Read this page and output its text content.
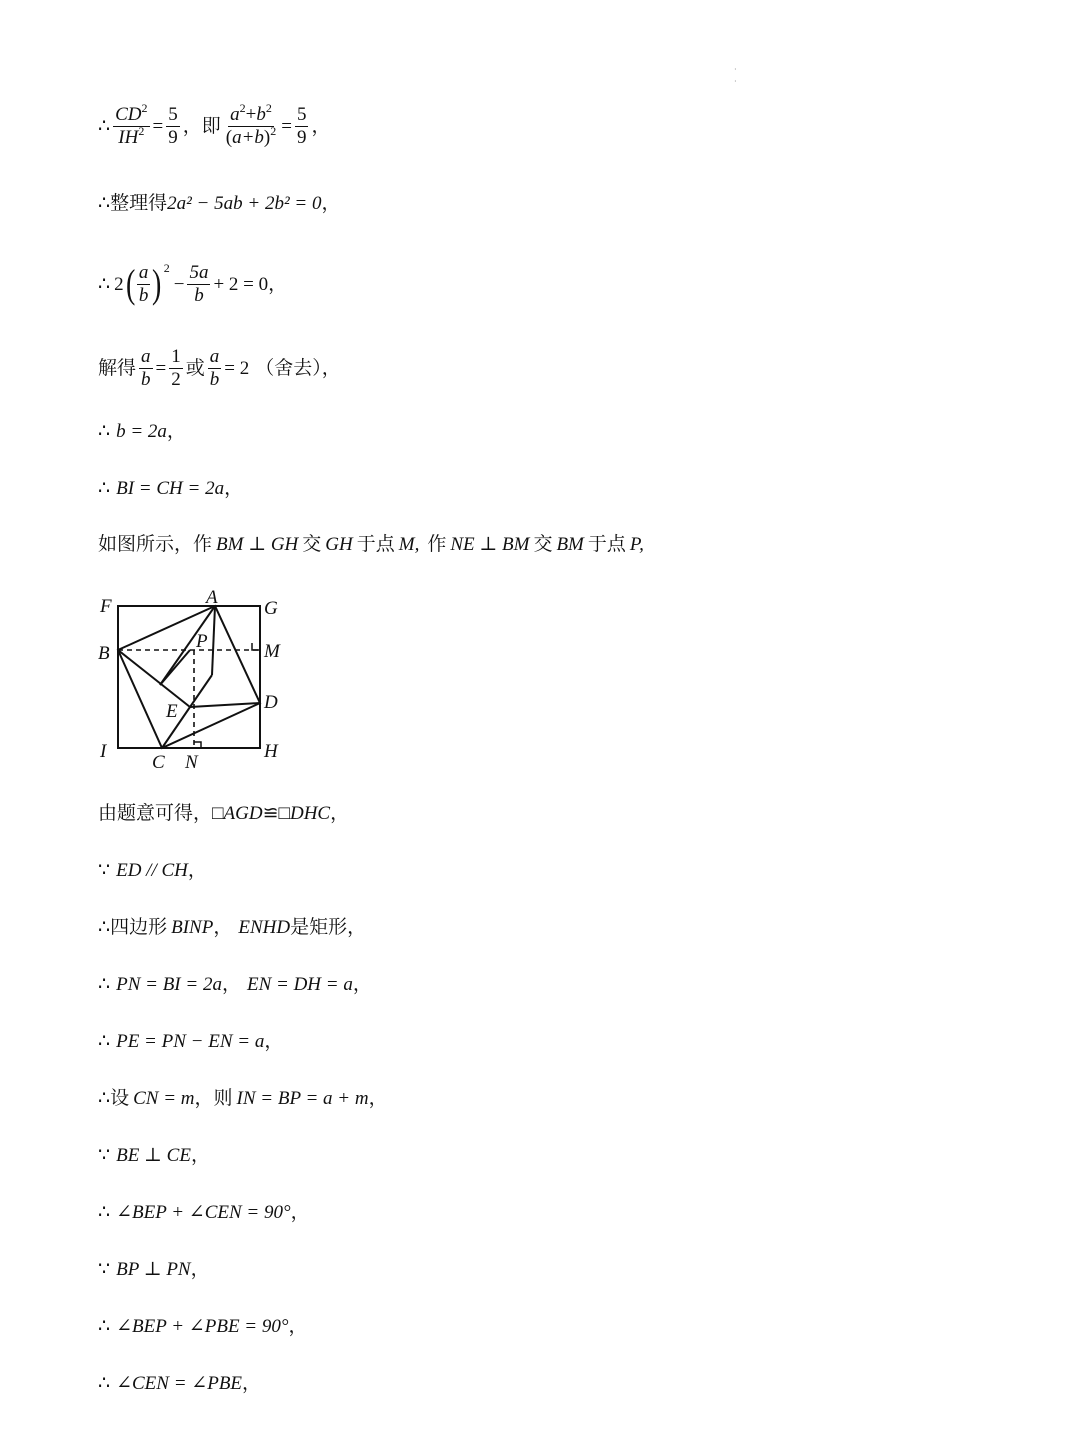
·
·
∴ $\frac{CD^2}{IH^2} = \frac{5}{9}$ ，即 $\frac{a^2+b^2}{(a+b)^2} = \frac{5}{9}$ ，
∴ 整理得 2a² − 5ab + 2b² = 0 ，
∴ 2 ( $\frac{a}{b}$ ) 2
− $\frac{5a}{b} + 2 = 0$ ，
解得 $\frac{a}{b} = \frac{1}{2}$ 或 $\frac{a}{b} = 2$ （舍去），
∴ b = 2a ，
∴ BI = CH = 2a ，
如图所示，作 BM ⊥ GH 交 GH 于点 M, 作 NE ⊥ BM 交 BM 于点 P,
F	A
G
B
P	M
D
E
I
C N
H
由题意可得， □ AGD ≌ □ DHC ，
∵ ED // CH ，
∴ 四边形 BINP ， ENHD 是矩形，
∴ PN = BI = 2a ， EN = DH = a ，
∴ PE = PN − EN = a ，
∴ 设 CN = m ，则 IN = BP = a + m ，
∵ BE ⊥ CE ，
∴ ∠BEP + ∠CEN = 90° ，
∵ BP ⊥ PN ，
∴ ∠BEP + ∠PBE = 90° ，
∴ ∠CEN = ∠PBE ，
